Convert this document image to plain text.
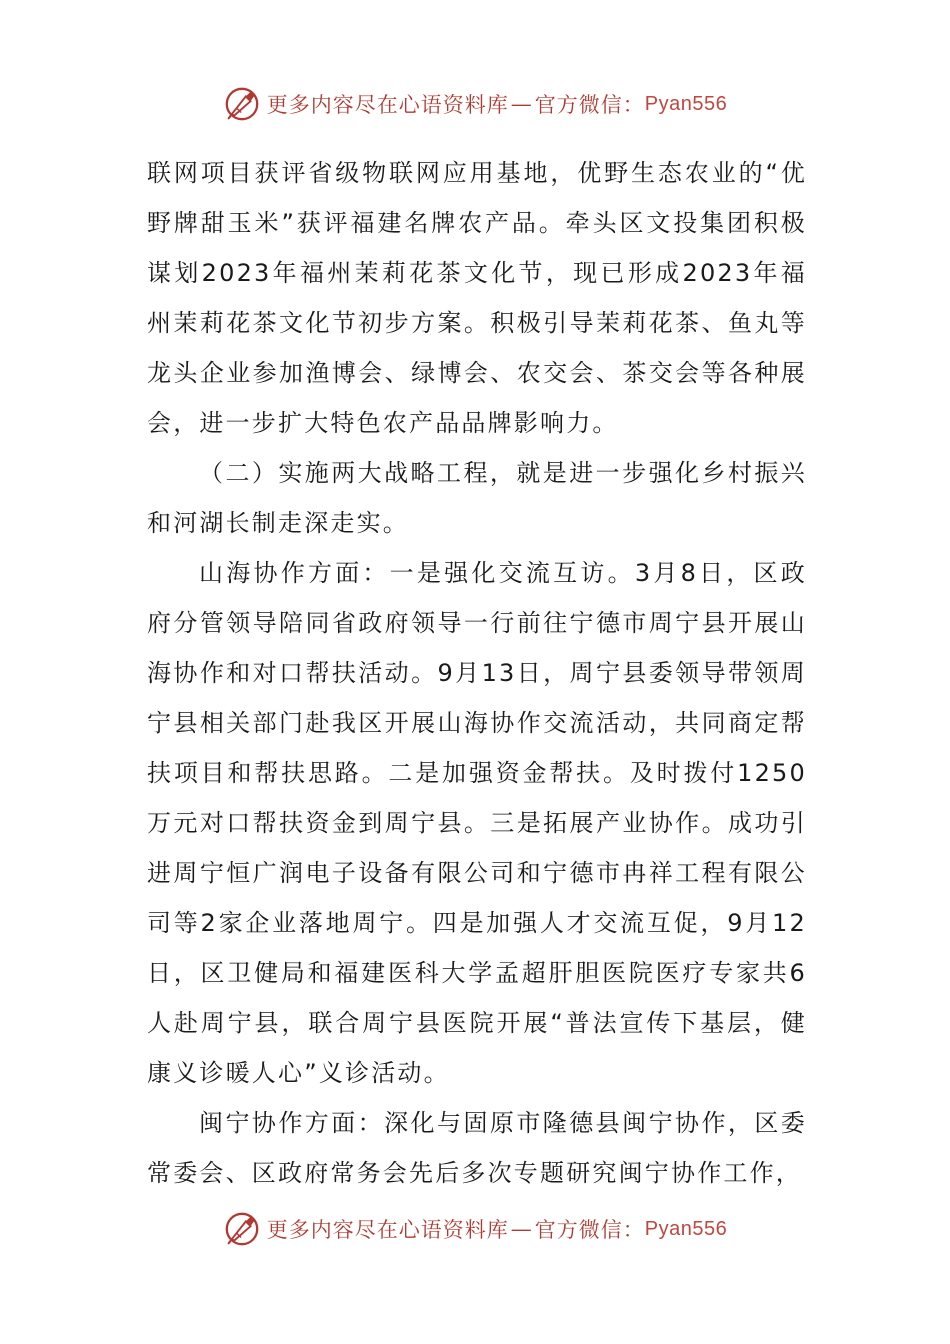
更多内容尽在心语资料库 — 官方微信： Pyan556

联网项目获评省级物联网应用基地，优野生态农业的“优野牌甜玉米”获评福建名牌农产品。牵头区文投集团积极谋划2023年福州茉莉花茶文化节，现已形成2023年福州茉莉花茶文化节初步方案。积极引导茉莉花茶、鱼丸等龙头企业参加渔博会、绿博会、农交会、茶交会等各种展会，进一步扩大特色农产品品牌影响力。

（二）实施两大战略工程，就是进一步强化乡村振兴和河湖长制走深走实。

山海协作方面：一是强化交流互访。3月8日，区政府分管领导陪同省政府领导一行前往宁德市周宁县开展山海协作和对口帮扶活动。9月13日，周宁县委领导带领周宁县相关部门赴我区开展山海协作交流活动，共同商定帮扶项目和帮扶思路。二是加强资金帮扶。及时拨付1250万元对口帮扶资金到周宁县。三是拓展产业协作。成功引进周宁恒广润电子设备有限公司和宁德市冉祥工程有限公司等2家企业落地周宁。四是加强人才交流互促，9月12日，区卫健局和福建医科大学孟超肝胆医院医疗专家共6人赴周宁县，联合周宁县医院开展“普法宣传下基层，健康义诊暖人心”义诊活动。

闽宁协作方面：深化与固原市隆德县闽宁协作，区委常委会、区政府常务会先后多次专题研究闽宁协作工作，

更多内容尽在心语资料库 — 官方微信： Pyan556
